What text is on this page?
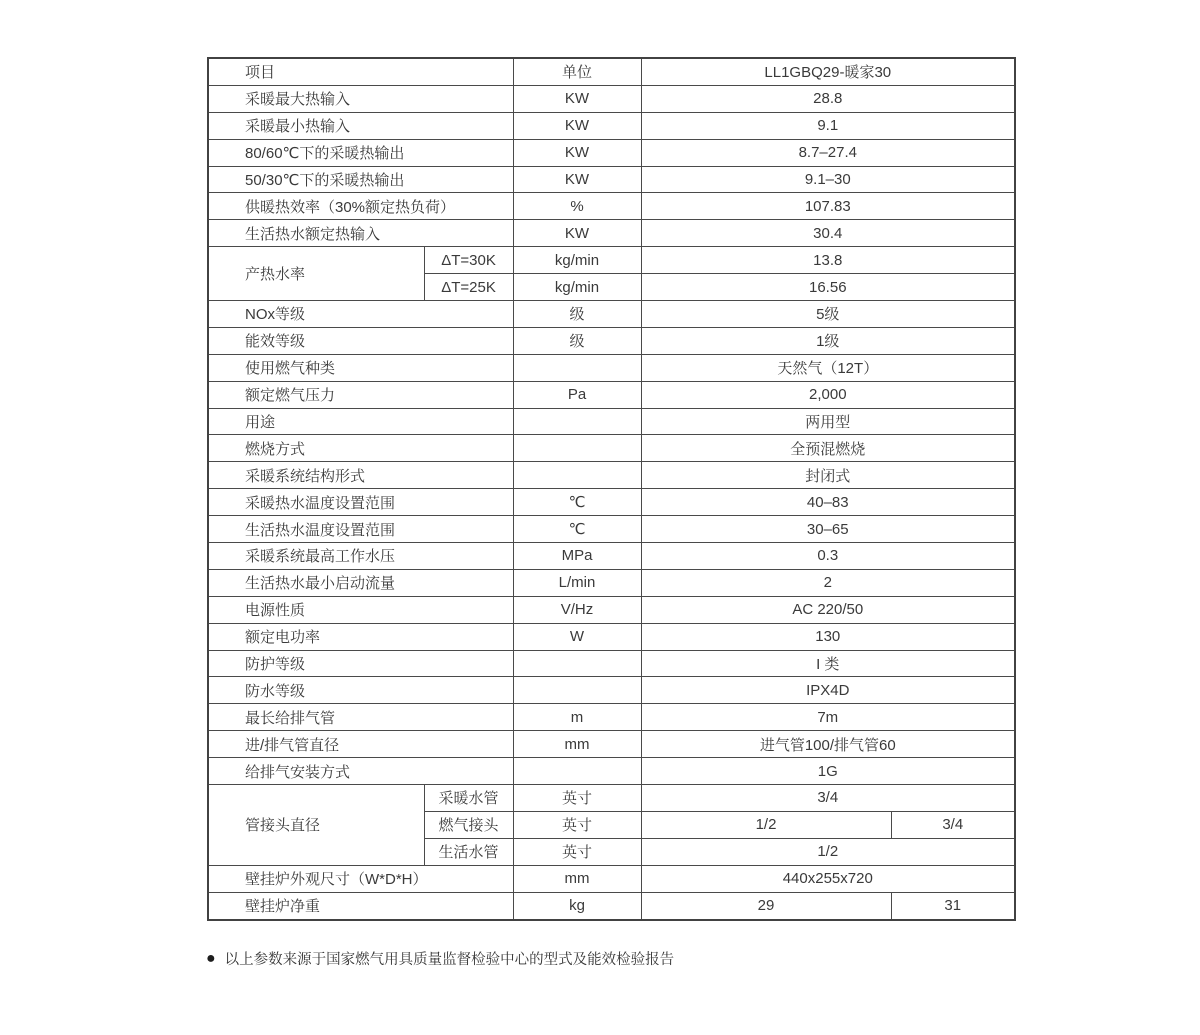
项目		单位	LL1GBQ29-暖家30	
采暖最大热输入		KW	28.8	
采暖最小热输入		KW	9.1	
80/60℃下的采暖热输出		KW	8.7–27.4	
50/30℃下的采暖热输出		KW	9.1–30	
供暖热效率（30%额定热负荷）		%	107.83	
生活热水额定热输入		KW	30.4	
产热水率	ΔT=30K	kg/min	13.8	
	ΔT=25K	kg/min	16.56	
NOx等级		级	5级	
能效等级		级	1级	
使用燃气种类			天然气（12T）	
额定燃气压力		Pa	2,000	
用途			两用型	
燃烧方式			全预混燃烧	
采暖系统结构形式			封闭式	
采暖热水温度设置范围		℃	40–83	
生活热水温度设置范围		℃	30–65	
采暖系统最高工作水压		MPa	0.3	
生活热水最小启动流量		L/min	2	
电源性质		V/Hz	AC 220/50	
额定电功率		W	130	
防护等级			I 类	
防水等级			IPX4D	
最长给排气管		m	7m	
进/排气管直径		mm	进气管100/排气管60	
给排气安装方式			1G	
管接头直径	采暖水管	英寸	3/4	
	燃气接头	英寸	1/2	3/4
	生活水管	英寸	1/2	
壁挂炉外观尺寸（W*D*H）		mm	440x255x720	
壁挂炉净重		kg	29	31
● 以上参数来源于国家燃气用具质量监督检验中心的型式及能效检验报告
